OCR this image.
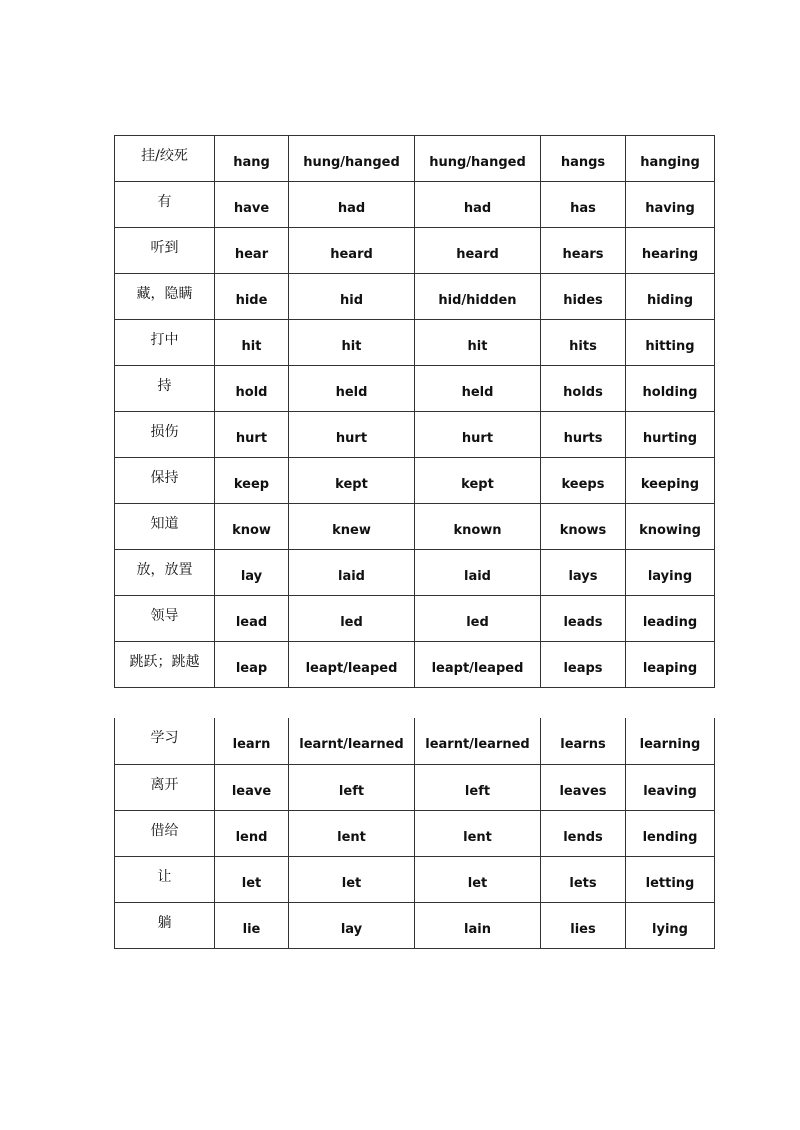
挂/绞死	hang	hung/hanged	hung/hanged	hangs	hanging

有	have	had	had	has	having

听到	hear	heard	heard	hears	hearing

藏，隐瞒	hide	hid	hid/hidden	hides	hiding

打中	hit	hit	hit	hits	hitting

持	hold	held	held	holds	holding

损伤	hurt	hurt	hurt	hurts	hurting

保持	keep	kept	kept	keeps	keeping

知道	know	knew	known	knows	knowing

放，放置	lay	laid	laid	lays	laying

领导	lead	led	led	leads	leading

跳跃；跳越	leap	leapt/leaped	leapt/leaped	leaps	leaping
学习	learn	learnt/learned	learnt/learned	learns	learning

离开	leave	left	left	leaves	leaving

借给	lend	lent	lent	lends	lending

让	let	let	let	lets	letting

躺	lie	lay	lain	lies	lying
